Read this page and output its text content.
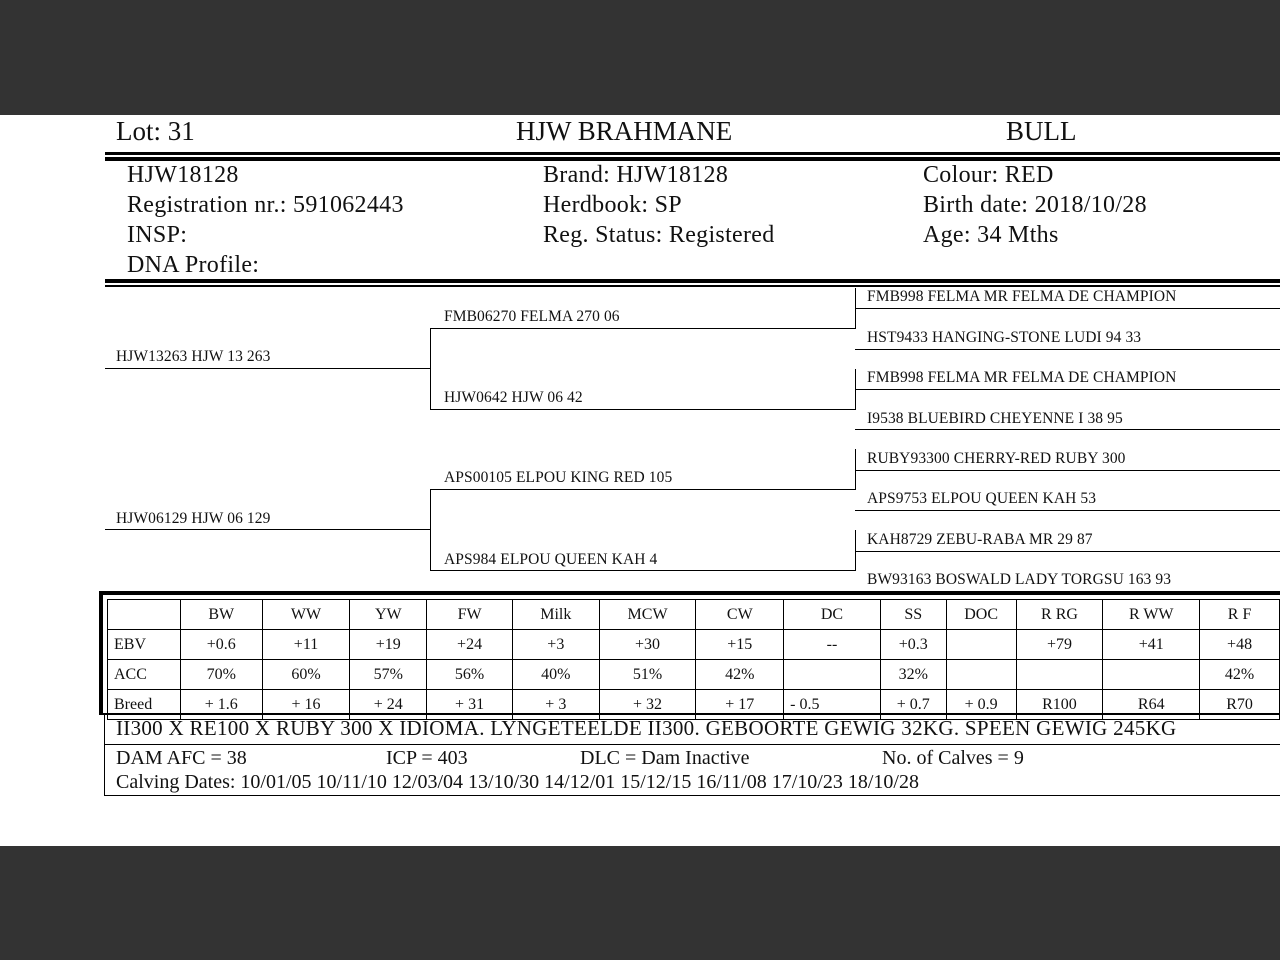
Lot: 31	HJW BRAHMANE	BULL
HJW18128
Registration nr.: 591062443
INSP:
DNA Profile:
Brand: HJW18128
Herdbook: SP
Reg. Status: Registered
Colour: RED
Birth date: 2018/10/28
Age: 34 Mths
HJW13263 HJW 13 263
HJW06129 HJW 06 129
FMB06270 FELMA 270 06
HJW0642 HJW 06 42
APS00105 ELPOU KING RED 105
APS984 ELPOU QUEEN KAH 4
FMB998 FELMA MR FELMA DE CHAMPION
HST9433 HANGING-STONE LUDI 94 33
FMB998 FELMA MR FELMA DE CHAMPION
I9538 BLUEBIRD CHEYENNE I 38 95
RUBY93300 CHERRY-RED RUBY 300
APS9753 ELPOU QUEEN KAH 53
KAH8729 ZEBU-RABA MR 29 87
BW93163 BOSWALD LADY TORGSU 163 93
	BW	WW	YW	FW	Milk	MCW	CW	DC	SS	DOC	R RG	R WW	R F
EBV	+0.6	+11	+19	+24	+3	+30	+15	--	+0.3		+79	+41	+48
ACC	70%	60%	57%	56%	40%	51%	42%		32%				42%
Breed	+ 1.6	+ 16	+ 24	+ 31	+ 3	+ 32	+ 17	- 0.5	+ 0.7	+ 0.9	R100	R64	R70
II300 X RE100 X RUBY 300 X IDIOMA. LYNGETEELDE II300. GEBOORTE GEWIG 32KG. SPEEN GEWIG 245KG
DAM AFC = 38	ICP = 403	DLC = Dam Inactive	No. of Calves = 9
Calving Dates: 10/01/05 10/11/10 12/03/04 13/10/30 14/12/01 15/12/15 16/11/08 17/10/23 18/10/28
